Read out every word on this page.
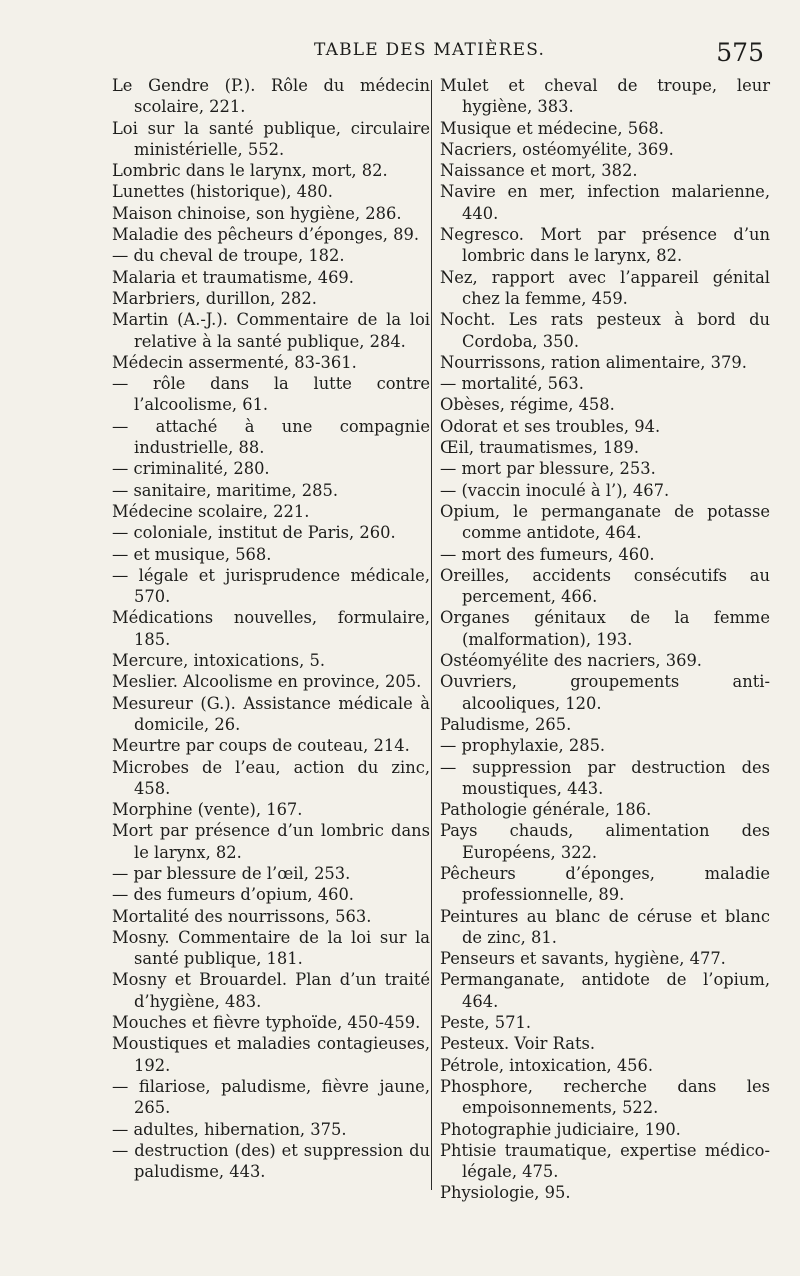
TABLE DES MATIÈRES.	575

Le Gendre (P.). Rôle du médecin scolaire, 221.

Loi sur la santé publique, circulaire ministérielle, 552.

Lombric dans le larynx, mort, 82.

Lunettes (historique), 480.

Maison chinoise, son hygiène, 286.

Maladie des pêcheurs d’éponges, 89.

— du cheval de troupe, 182.

Malaria et traumatisme, 469.

Marbriers, durillon, 282.

Martin (A.-J.). Commentaire de la loi relative à la santé publique, 284.

Médecin assermenté, 83-361.

— rôle dans la lutte contre l’alcoolisme, 61.

— attaché à une compagnie industrielle, 88.

— criminalité, 280.

— sanitaire, maritime, 285.

Médecine scolaire, 221.

— coloniale, institut de Paris, 260.

— et musique, 568.

— légale et jurisprudence médicale, 570.

Médications nouvelles, formulaire, 185.

Mercure, intoxications, 5.

Meslier. Alcoolisme en province, 205.

Mesureur (G.). Assistance médicale à domicile, 26.

Meurtre par coups de couteau, 214.

Microbes de l’eau, action du zinc, 458.

Morphine (vente), 167.

Mort par présence d’un lombric dans le larynx, 82.

— par blessure de l’œil, 253.

— des fumeurs d’opium, 460.

Mortalité des nourrissons, 563.

Mosny. Commentaire de la loi sur la santé publique, 181.

Mosny et Brouardel. Plan d’un traité d’hygiène, 483.

Mouches et fièvre typhoïde, 450-459.

Moustiques et maladies contagieuses, 192.

— filariose, paludisme, fièvre jaune, 265.

— adultes, hibernation, 375.

— destruction (des) et suppression du paludisme, 443.

Mulet et cheval de troupe, leur hygiène, 383.

Musique et médecine, 568.

Nacriers, ostéomyélite, 369.

Naissance et mort, 382.

Navire en mer, infection malarienne, 440.

Negresco. Mort par présence d’un lombric dans le larynx, 82.

Nez, rapport avec l’appareil génital chez la femme, 459.

Nocht. Les rats pesteux à bord du Cordoba, 350.

Nourrissons, ration alimentaire, 379.

— mortalité, 563.

Obèses, régime, 458.

Odorat et ses troubles, 94.

Œil, traumatismes, 189.

— mort par blessure, 253.

— (vaccin inoculé à l’), 467.

Opium, le permanganate de potasse comme antidote, 464.

— mort des fumeurs, 460.

Oreilles, accidents consécutifs au percement, 466.

Organes génitaux de la femme (malformation), 193.

Ostéomyélite des nacriers, 369.

Ouvriers, groupements anti-alcooliques, 120.

Paludisme, 265.

— prophylaxie, 285.

— suppression par destruction des moustiques, 443.

Pathologie générale, 186.

Pays chauds, alimentation des Européens, 322.

Pêcheurs d’éponges, maladie professionnelle, 89.

Peintures au blanc de céruse et blanc de zinc, 81.

Penseurs et savants, hygiène, 477.

Permanganate, antidote de l’opium, 464.

Peste, 571.

Pesteux. Voir Rats.

Pétrole, intoxication, 456.

Phosphore, recherche dans les empoisonnements, 522.

Photographie judiciaire, 190.

Phtisie traumatique, expertise médico-légale, 475.

Physiologie, 95.
